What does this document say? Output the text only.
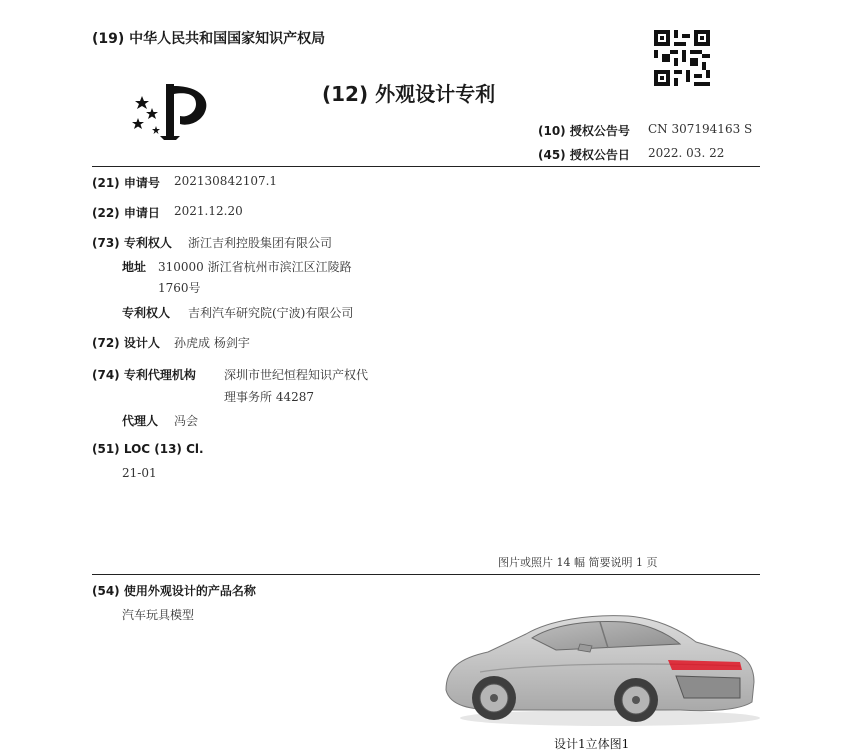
(19) 中华人民共和国国家知识产权局
(12) 外观设计专利
(10) 授权公告号 CN 307194163 S
(45) 授权公告日 2022. 03. 22
(21) 申请号 202130842107.1
(22) 申请日 2021.12.20
(73) 专利权人 浙江吉利控股集团有限公司
地址 310000 浙江省杭州市滨江区江陵路
1760号
专利权人 吉利汽车研究院(宁波)有限公司
(72) 设计人 孙虎成 杨剑宇
(74) 专利代理机构 深圳市世纪恒程知识产权代
理事务所 44287
代理人 冯会
(51) LOC (13) Cl.
21-01
图片或照片 14 幅 简要说明 1 页
(54) 使用外观设计的产品名称
汽车玩具模型
设计1立体图1
